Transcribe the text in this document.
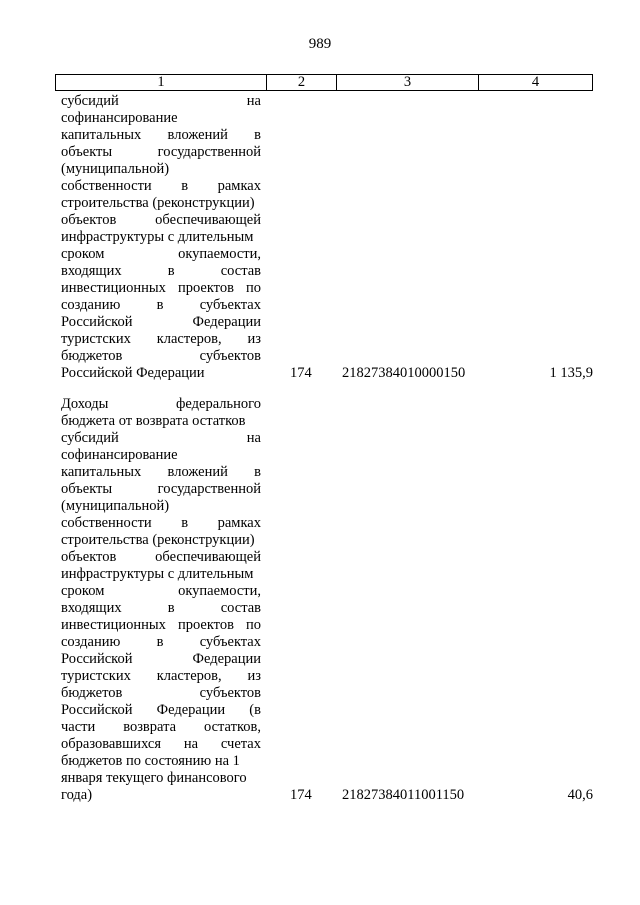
989
1	2	3	4
субсидий	на
софинансирование
капитальных вложений в
объекты	государственной
(муниципальной)
собственности в рамках
строительства (реконструкции)
объектов	обеспечивающей
инфраструктуры с длительным
сроком	окупаемости,
входящих	в	состав
инвестиционных проектов по
созданию	в	субъектах
Российской	Федерации
туристских кластеров, из
бюджетов	субъектов
Российской Федерации	174	21827384010000150	1 135,9
Доходы	федерального
бюджета от возврата остатков
субсидий	на
софинансирование
капитальных вложений в
объекты	государственной
(муниципальной)
собственности в рамках
строительства (реконструкции)
объектов	обеспечивающей
инфраструктуры с длительным
сроком	окупаемости,
входящих	в	состав
инвестиционных проектов по
созданию	в	субъектах
Российской	Федерации
туристских кластеров, из
бюджетов	субъектов
Российской Федерации (в
части возврата остатков,
образовавшихся на счетах
бюджетов по состоянию на 1
января текущего финансового
года)	174	21827384011001150	40,6
